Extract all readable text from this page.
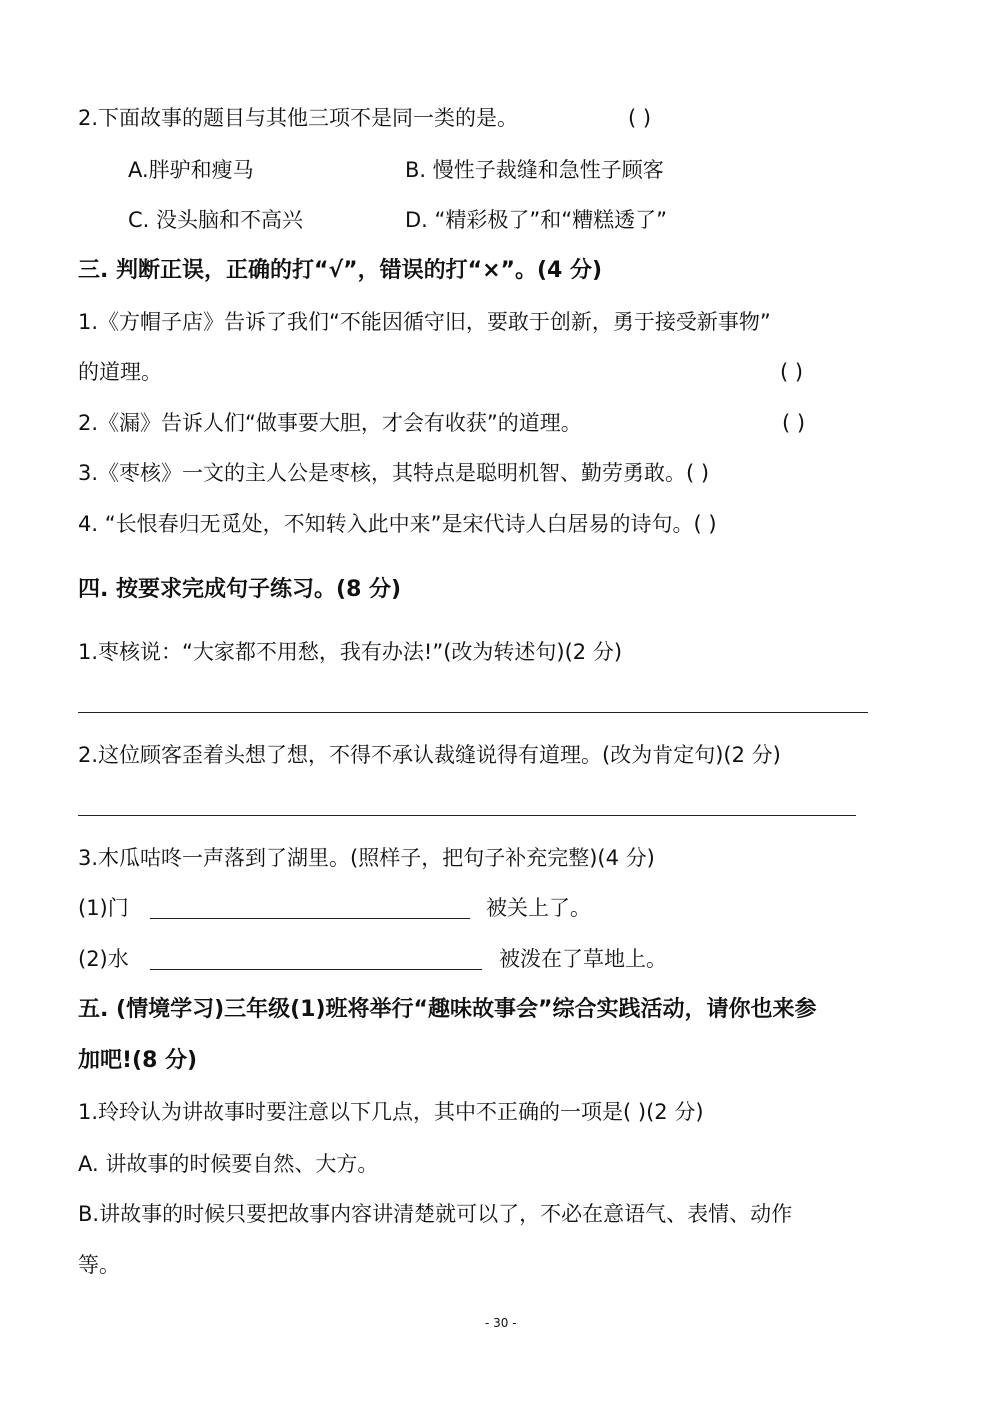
2.下面故事的题目与其他三项不是同一类的是。	( )
A.胖驴和瘦马	B. 慢性子裁缝和急性子顾客
C. 没头脑和不高兴	D. “精彩极了”和“糟糕透了”
三. 判断正误，正确的打“√”，错误的打“×”。(4 分)
1.《方帽子店》告诉了我们“不能因循守旧，要敢于创新，勇于接受新事物”
的道理。	( )
2.《漏》告诉人们“做事要大胆，才会有收获”的道理。	( )
3.《枣核》一文的主人公是枣核，其特点是聪明机智、勤劳勇敢。( )
4. “长恨春归无觅处，不知转入此中来”是宋代诗人白居易的诗句。( )
四. 按要求完成句子练习。(8 分)
1.枣核说：“大家都不用愁，我有办法!”(改为转述句)(2 分)
2.这位顾客歪着头想了想，不得不承认裁缝说得有道理。(改为肯定句)(2 分)
3.木瓜咕咚一声落到了湖里。(照样子，把句子补充完整)(4 分)
(1)门	被关上了。
(2)水	被泼在了草地上。
五. (情境学习)三年级(1)班将举行“趣味故事会”综合实践活动，请你也来参
加吧!(8 分)
1.玲玲认为讲故事时要注意以下几点，其中不正确的一项是( )(2 分)
A. 讲故事的时候要自然、大方。
B.讲故事的时候只要把故事内容讲清楚就可以了，不必在意语气、表情、动作
等。
- 30 -
